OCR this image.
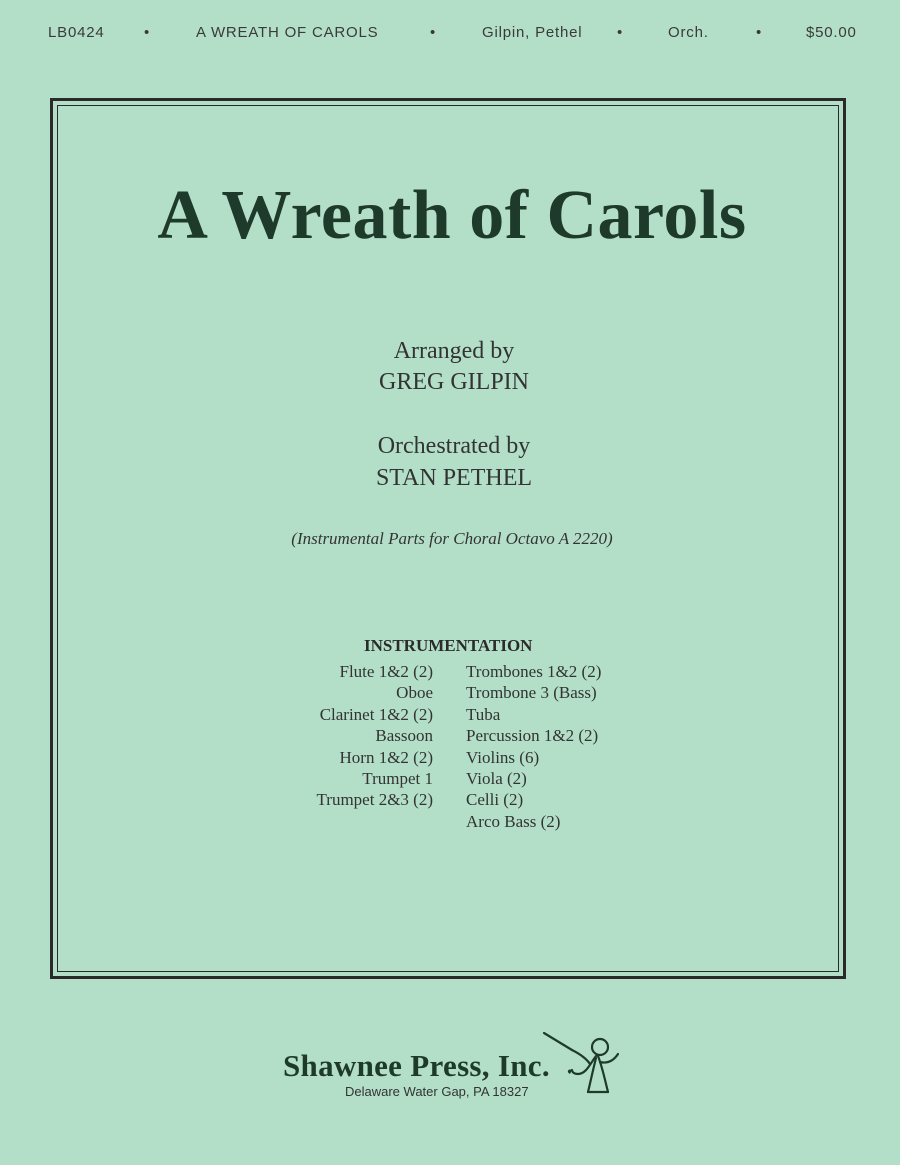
LB0424	•	A WREATH OF CAROLS	•	Gilpin, Pethel •	Orch.	•	$50.00
A Wreath of Carols
Arranged by
GREG GILPIN
Orchestrated by
STAN PETHEL
(Instrumental Parts for Choral Octavo A 2220)
INSTRUMENTATION
Flute 1&2 (2)
Oboe
Clarinet 1&2 (2)
Bassoon
Horn 1&2 (2)
Trumpet 1
Trumpet 2&3 (2)
Trombones 1&2 (2)
Trombone 3 (Bass)
Tuba
Percussion 1&2 (2)
Violins (6)
Viola (2)
Celli (2)
Arco Bass (2)
Shawnee Press, Inc.
Delaware Water Gap, PA 18327
